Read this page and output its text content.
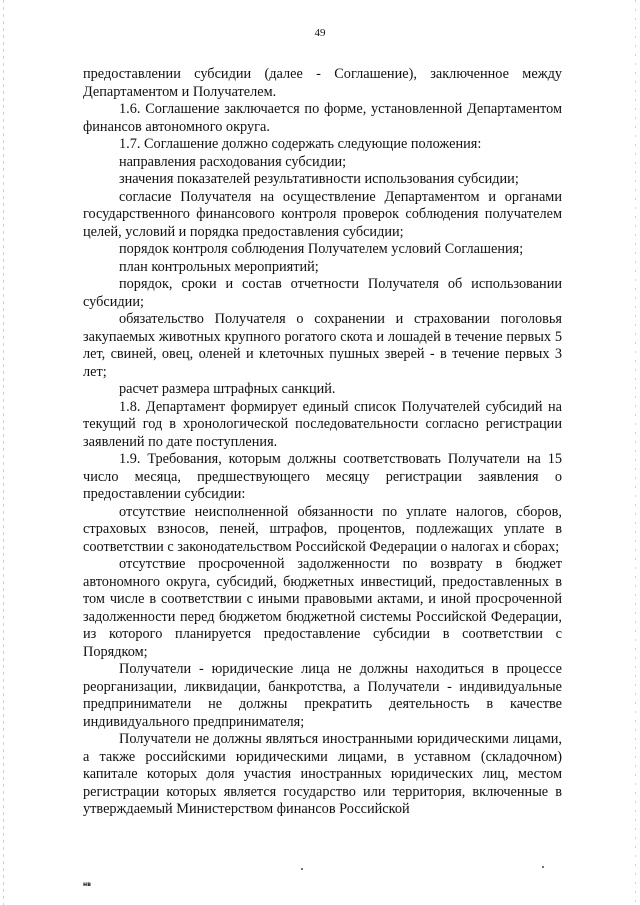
49

предоставлении субсидии (далее - Соглашение), заключенное между Департаментом и Получателем.

1.6. Соглашение заключается по форме, установленной Департаментом финансов автономного округа.

1.7. Соглашение должно содержать следующие положения:

направления расходования субсидии;

значения показателей результативности использования субсидии;

согласие Получателя на осуществление Департаментом и органами государственного финансового контроля проверок соблюдения получателем целей, условий и порядка предоставления субсидии;

порядок контроля соблюдения Получателем условий Соглашения;

план контрольных мероприятий;

порядок, сроки и состав отчетности Получателя об использовании субсидии;

обязательство Получателя о сохранении и страховании поголовья закупаемых животных крупного рогатого скота и лошадей в течение первых 5 лет, свиней, овец, оленей и клеточных пушных зверей - в течение первых 3 лет;

расчет размера штрафных санкций.

1.8. Департамент формирует единый список Получателей субсидий на текущий год в хронологической последовательности согласно регистрации заявлений по дате поступления.

1.9. Требования, которым должны соответствовать Получатели на 15 число месяца, предшествующего месяцу регистрации заявления о предоставлении субсидии:

отсутствие неисполненной обязанности по уплате налогов, сборов, страховых взносов, пеней, штрафов, процентов, подлежащих уплате в соответствии с законодательством Российской Федерации о налогах и сборах;

отсутствие просроченной задолженности по возврату в бюджет автономного округа, субсидий, бюджетных инвестиций, предоставленных в том числе в соответствии с иными правовыми актами, и иной просроченной задолженности перед бюджетом бюджетной системы Российской Федерации, из которого планируется предоставление субсидии в соответствии с Порядком;

Получатели - юридические лица не должны находиться в процессе реорганизации, ликвидации, банкротства, а Получатели - индивидуальные предприниматели не должны прекратить деятельность в качестве индивидуального предпринимателя;

Получатели не должны являться иностранными юридическими лицами, а также российскими юридическими лицами, в уставном (складочном) капитале которых доля участия иностранных юридических лиц, местом регистрации которых является государство или территория, включенные в утверждаемый Министерством финансов Российской

нв
